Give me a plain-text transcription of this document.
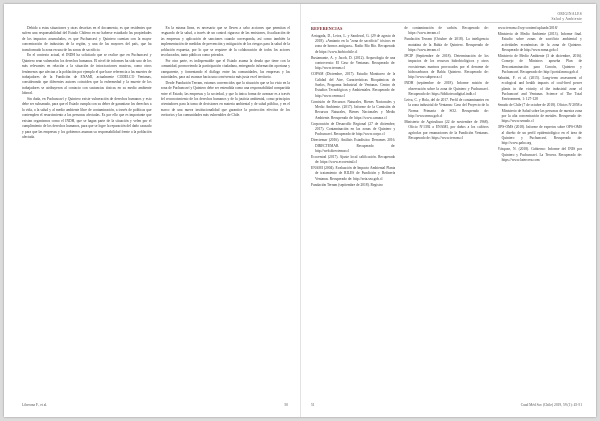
Debido a estas situaciones y otras descritas en el documento, es que residentes que sufren una responsabilidad del Estado Chileno en no haberse estudiado las propiedades de los impactos acumulados, es que Puchuncaví y Quintero cuentan con la mayor concentración de industrias de la región, y una de las mayores del país, que ha transformado la zona en una de las zonas de sacrificio.

En el contexto actual, el INDH ha solicitado que se realice que en Puchuncaví y Quintero sean vulnerados los derechos humanos. El nivel de informes ha sido uno de los más relevantes en relación a la situación de intoxicaciones masivas, como otros fenómenos que afectan a la población por ejemplo el que hace referencia a las muertes de trabajadores de la Fundición de ENAMI, actualmente CODELCO Ventanas, considerando que diferentes autores coinciden que la enfermedad y la muerte de los trabajadores se atribuyeron al contacto con sustancias tóxicas en su medio ambiente laboral.

Sin duda, en Puchuncaví y Quintero existe vulneración de derechos humanos y esto debe ser subsanado, para que el Estado cumpla con su deber de garantizar los derechos a la vida, a la salud y al medio ambiente libre de contaminación, a través de políticas que contemplen el resarcimiento a las personas afectadas. Es por ello que es importante que existan organismos como el INDH, que se hagan parte de la situación y velen por el cumplimiento de los derechos humanos, para que se logre la reparación del daño causado y para que las empresas y los gobiernos asuman su responsabilidad frente a la población afectada.

En la misma línea, es necesario que se lleven a cabo acciones que permitan el resguardo de la salud, a través de un control riguroso de las emisiones, fiscalización de las empresas y aplicación de sanciones cuando corresponda, así como también la implementación de medidas de prevención y mitigación de los riesgos para la salud de la población expuesta, por lo que se requiere de la colaboración de todos los actores involucrados, tanto públicos como privados.

Por otra parte, es indispensable que el Estado asuma la deuda que tiene con la comunidad, promoviendo la participación ciudadana, entregando información oportuna y transparente, y fomentando el diálogo entre las comunidades, las empresas y las autoridades, para así avanzar hacia una convivencia más justa en el territorio.

Desde Fundación Terram, estamos convencidos que la situación que se ha visto en la zona de Puchuncaví y Quintero debe ser entendida como una responsabilidad compartida entre el Estado, las empresas y la sociedad, y que la única forma de avanzar es a través del reconocimiento de los derechos humanos y de la justicia ambiental, como principios orientadores para la toma de decisiones en materia ambiental y de salud pública, y en el marco de una nueva institucionalidad que garantice la protección efectiva de los territorios y las comunidades más vulnerables de Chile.

Liberona F., et al.	50
ORIGINALES
Salud y Ambiente
REFERENCIAS

Arriagada, D., Leiva, L. y Sandoval, G. (29 de agosto de 2018). «Amianto en la "zona de sacrificio" tóxicos en zona de hornos antiguos». Radio Bío Bío. Recuperado de https://www.biobiochile.cl

Bustamante, A. y Jacob, D. (2012). Arqueología de una controversia: El Caso de Ventanas. Recuperado de: http://www.terram.cl

COPAM (Diciembre, 2017). Estudio Monitoreo de la Calidad del Aire, Características Bioquímicas de Suelos, Programa Industrial de Ventanas. Centro de Estudios Tecnológicos y Ambientales. Recuperado de: http://www.cenma.cl

Comisión de Recursos Naturales, Bienes Nacionales y Medio Ambiente. (2017). Informe de la Comisión de Recursos Naturales, Bienes Nacionales y Medio Ambiente. Recuperado de: https://www.camara.cl

Corporación de Desarrollo Regional (27 de diciembre, 2017). Contaminación en las zonas de Quintero y Puchuncaví. Recuperado de http://www.corpo.cl

Directemar (2016). Análisis Estadístico Derrames 2016. DIRECTEMAR. Recuperado de: http://web.directemar.cl

Ecocentral (2017). Ajuste local calificación. Recuperado de: https://www.ecocentral.cl

ENAMI (2004). Evaluación de Impacto Ambiental Planta de tratamiento de RILES de Fundición y Refinería Ventanas. Recuperado de: http://seia.sea.gob.cl

Fundación Terram (septiembre de 2018). Registro

de contaminación de carbón. Recuperado de: https://www.terram.cl

Fundación Terram (Octubre de 2018). La inteligencia matutina de la Bahía de Quintero. Recuperado de https://www.terram.cl

IPCIP (Septiembre de 2018). Determinación de los impactos de los recursos hidrobiológicos y otros ecosistemas marinos provocados por el derrame de hidrocarburos de Bahía Quintero. Recuperado de: http://www.subpesca.cl

INDH (septiembre de 2018). Informe misión de observación sobre la zona de Quintero y Puchuncaví. Recuperado de: https://bibliotecadigital.indh.cl

Leiva, C. y Hola, del de 2017. Perfil de contaminantes en la zona industrial de Ventanas: Caso del Proyecto de la Norma Primaria de SO2. Recuperado de: http://www.mma.gob.cl

Ministerio de Agricultura (22 de noviembre de 1968). Oficio Nº1392 a ENAMI, por daños a los cultivos agrícolas por emanaciones de la Fundición Ventanas. Recuperado de: https://www.terram.cl

www.terram.cl/wp-content/uploads/2018/

Ministerio de Medio Ambiente (2013). Informe final. Estudio sobre zonas de sacrificio ambiental y actividades económicas de la zona de Quintero. Recuperado de http://www.mma.gob.cl

Ministerio de Medio Ambiente (3 de diciembre, 2016). Consejo de Ministros aprueba Plan de Descontaminación para Concón, Quintero y Puchuncaví. Recuperado de: http://portal.mma.gob.cl

Sabatini, F. et al. (2015). Long-term assessment of ecological and health impacts of coal-fired power plants in the vicinity of the industrial zone of Puchuncaví and Ventanas. Science of The Total Environment, 1: 127-128

Senado de Chile (7 de octubre de 2018). Oficios Nº2058 a Ministerio de Salud sobre las personas de nuestra zona por la alta concentración de metales. Recuperado de: https://www.senado.cl

OPS-OMS (2018). Informe de expertos sobre OPS-OMS al diseño de un perfil epidemiológico en el área de Quintero y Puchuncaví. Recuperado de: http://www.paho.org

Vásquez, N. (2018). Gobierno: Informe del INIS por Quintero y Puchuncaví. La Tercera. Recuperado de: https://www.latercera.com

51	Cuad Méd Soc (Chile) 2019, 59 (1): 45-51
